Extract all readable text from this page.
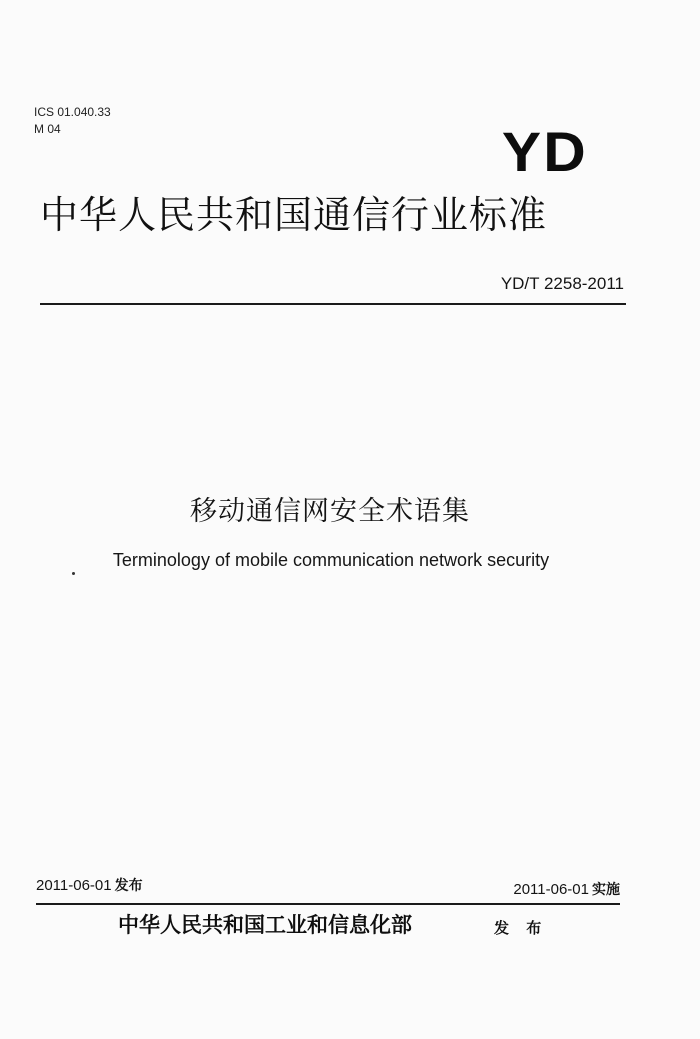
ICS 01.040.33
M 04	YD
中华人民共和国通信行业标准
YD/T 2258-2011
移动通信网安全术语集
Terminology of mobile communication network security
2011-06-01 发布	2011-06-01 实施
中华人民共和国工业和信息化部	发 布
